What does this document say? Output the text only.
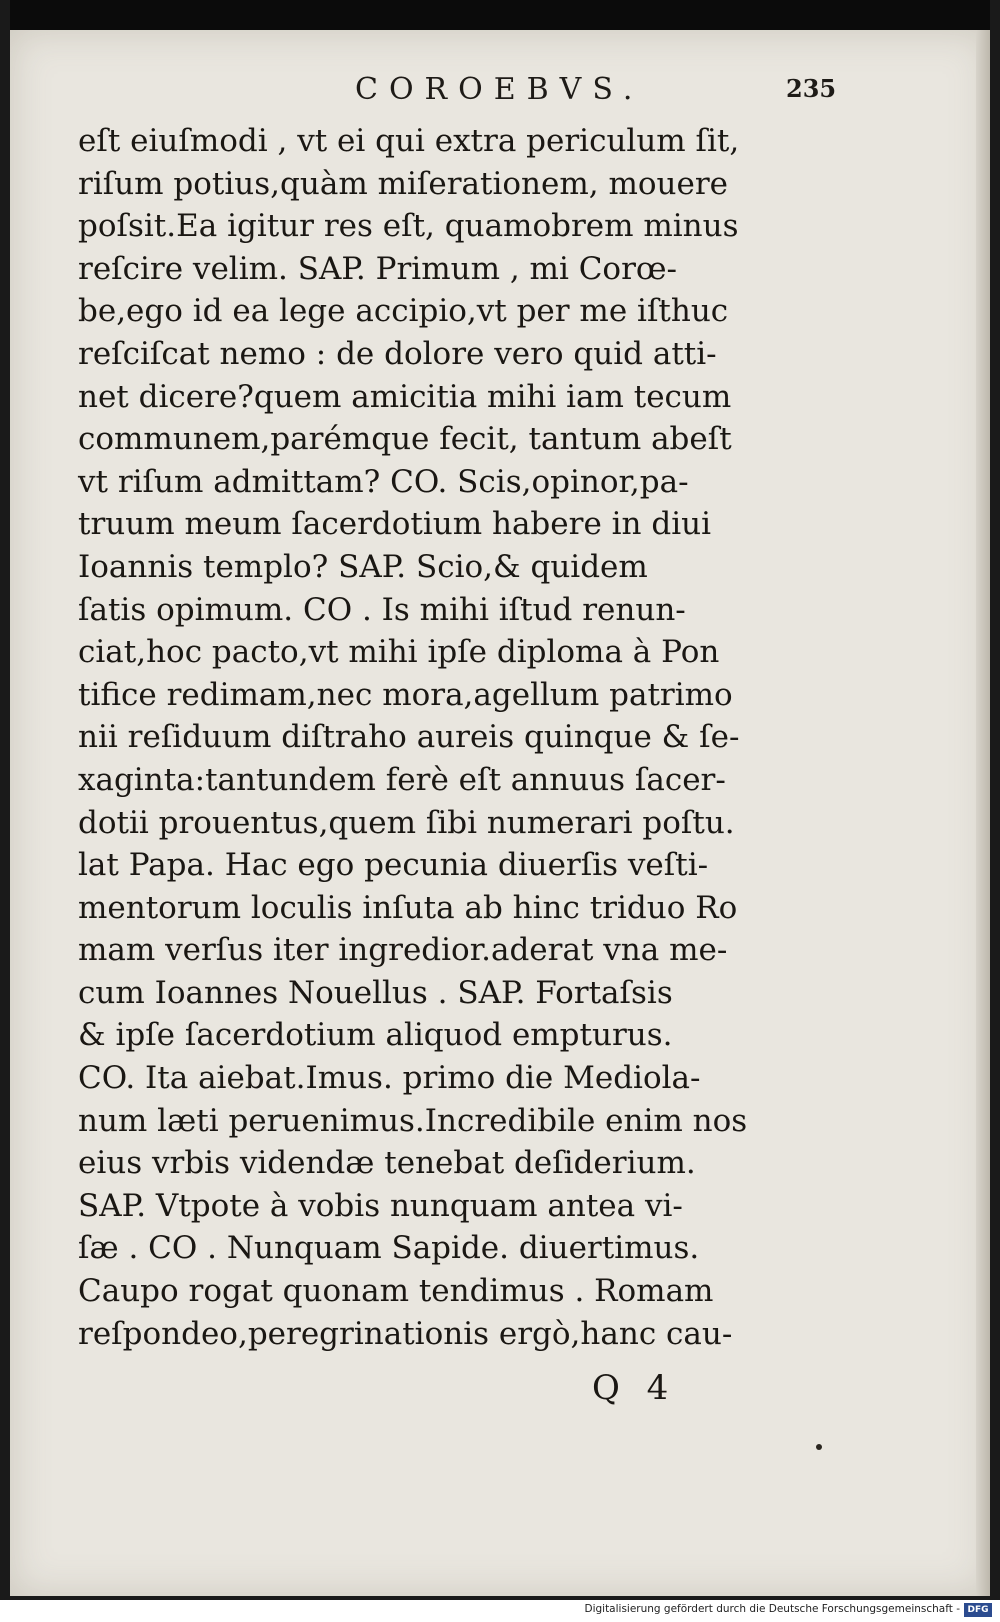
COROEBVS.	235
eſt eiuſmodi , vt ei qui extra periculum ſit,
riſum potius,quàm miſerationem, mouere
poſsit.Ea igitur res eſt, quamobrem minus
reſcire velim. SAP. Primum , mi Corœ-
be,ego id ea lege accipio,vt per me iſthuc
reſciſcat nemo : de dolore vero quid atti-
net dicere?quem amicitia mihi iam tecum
communem,parémque fecit, tantum abeſt
vt riſum admittam? CO. Scis,opinor,pa-
truum meum ſacerdotium habere in diui
Ioannis templo? SAP. Scio,& quidem
ſatis opimum. CO . Is mihi iſtud renun-
ciat,hoc pacto,vt mihi ipſe diploma à Pon
tifice redimam,nec mora,agellum patrimo
nii reſiduum diſtraho aureis quinque & ſe-
xaginta:tantundem ferè eſt annuus ſacer-
dotii prouentus,quem ſibi numerari poſtu.
lat Papa. Hac ego pecunia diuerſis veſti-
mentorum loculis inſuta ab hinc triduo Ro
mam verſus iter ingredior.aderat vna me-
cum Ioannes Nouellus . SAP. Fortaſsis
& ipſe ſacerdotium aliquod empturus.
CO. Ita aiebat.Imus. primo die Mediola-
num læti peruenimus.Incredibile enim nos
eius vrbis videndæ tenebat deſiderium.
SAP. Vtpote à vobis nunquam antea vi-
ſæ . CO . Nunquam Sapide. diuertimus.
Caupo rogat quonam tendimus . Romam
reſpondeo,peregrinationis ergò,hanc cau-
Q 4
Digitalisierung gefördert durch die Deutsche Forschungsgemeinschaft - DFG
